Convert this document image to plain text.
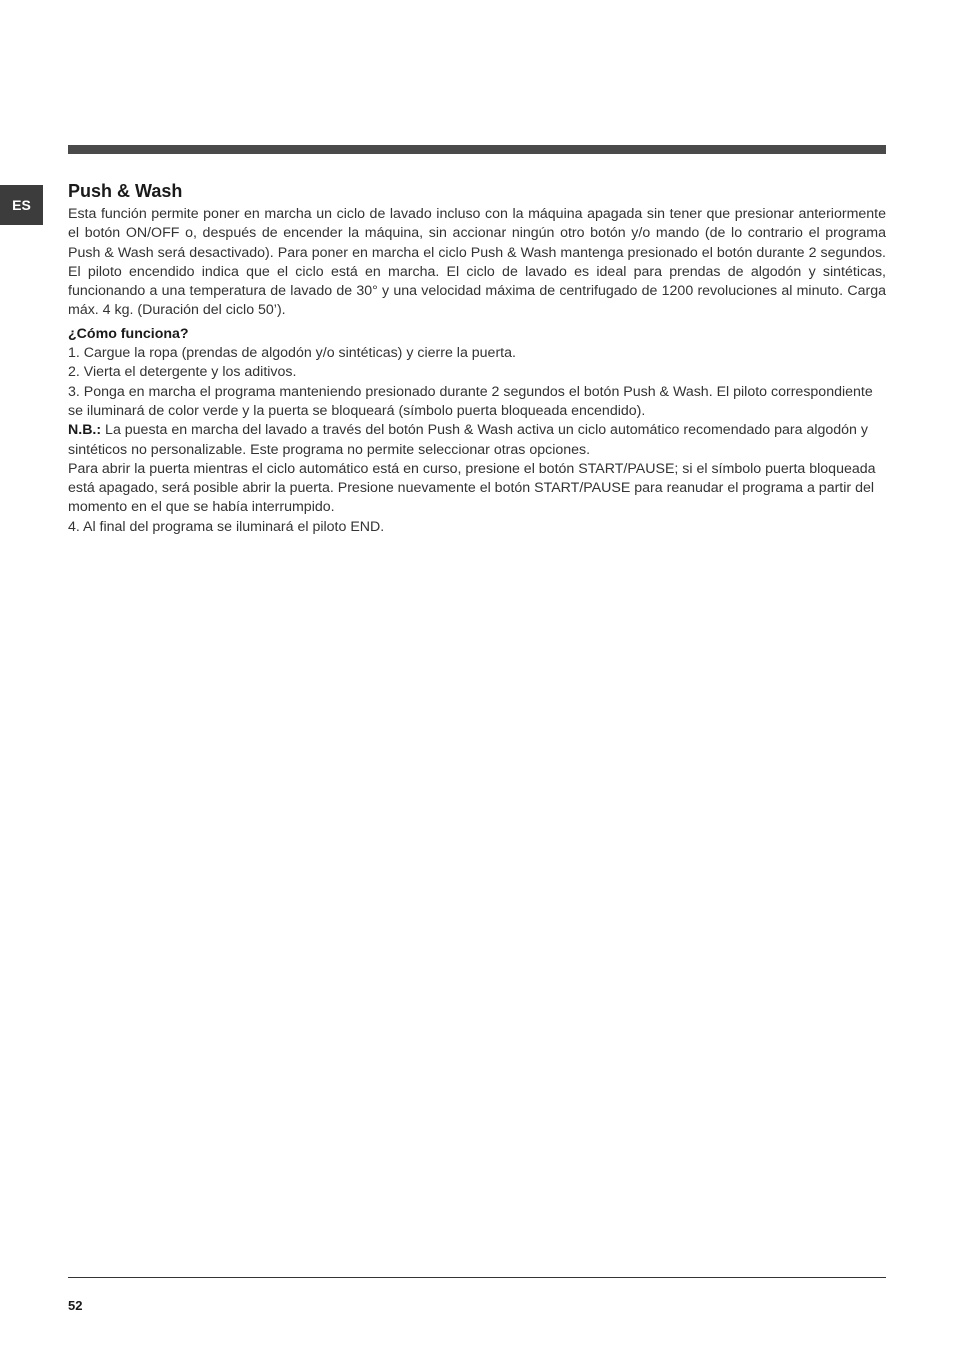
ES
Push & Wash

Esta función permite poner en marcha un ciclo de lavado incluso con la máquina apagada sin tener que presionar anteriormente el botón ON/OFF o, después de encender la máquina, sin accionar ningún otro botón y/o mando (de lo contrario el programa Push & Wash será desactivado). Para poner en marcha el ciclo Push & Wash mantenga presionado el botón durante 2 segundos. El piloto encendido indica que el ciclo está en marcha. El ciclo de lavado es ideal para prendas de algodón y sintéticas, funcionando a una temperatura de lavado de 30° y una velocidad máxima de centrifugado de 1200 revoluciones al minuto. Carga máx. 4 kg. (Duración del ciclo 50’).

¿Cómo funciona?

1. Cargue la ropa (prendas de algodón y/o sintéticas) y cierre la puerta.

2. Vierta el detergente y los aditivos.

3. Ponga en marcha el programa manteniendo presionado durante 2 segundos el botón Push & Wash. El piloto correspondiente se iluminará de color verde y la puerta se bloqueará (símbolo puerta bloqueada encendido).

N.B.: La puesta en marcha del lavado a través del botón Push & Wash activa un ciclo automático recomendado para algodón y sintéticos no personalizable. Este programa no permite seleccionar otras opciones.

Para abrir la puerta mientras el ciclo automático está en curso, presione el botón START/PAUSE; si el símbolo puerta bloqueada está apagado, será posible abrir la puerta. Presione nuevamente el botón START/PAUSE para reanudar el programa a partir del momento en el que se había interrumpido.

4. Al final del programa se iluminará el piloto END.

52
